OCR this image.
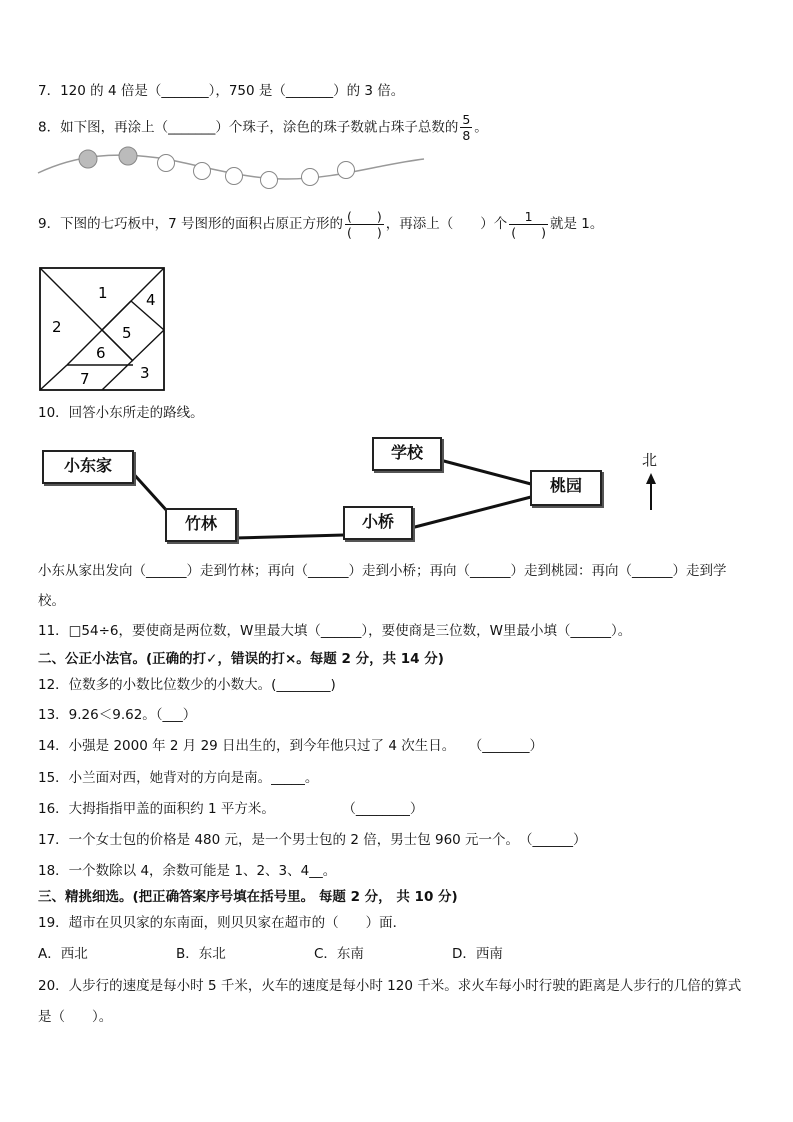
7．120 的 4 倍是（_______），750 是（_______）的 3 倍。
8．如下图，再涂上（_______）个珠子，涂色的珠子数就占珠子总数的 $\frac{5}{8}$ 。
9．下图的七巧板中，7 号图形的面积占原正方形的 $\frac{( )}{( )}$ ，再添上（　　）个 $\frac{1}{( )}$ 就是 1。
1
2
3
4
5
6
7
10．回答小东所走的路线。
小东家
竹林	小桥
学校
桃园
北
小东从家出发向（______）走到竹林；再向（______）走到小桥；再向（______）走到桃园：再向（______）走到学
校。
11．□54÷6，要使商是两位数，W里最大填（______），要使商是三位数，W里最小填（______）。
二、公正小法官。(正确的打✓，错误的打×。每题 2 分，共 14 分)
12．位数多的小数比位数少的小数大。(________)
13．9.26＜9.62。（___）
14．小强是 2000 年 2 月 29 日出生的，到今年他只过了 4 次生日。　　（_______）
15．小兰面对西，她背对的方向是南。_____。
16．大拇指指甲盖的面积约 1 平方米。　　　　　　（________）
17．一个女士包的价格是 480 元，是一个男士包的 2 倍，男士包 960 元一个。　（______）
18．一个数除以 4，余数可能是 1、2、3、4__。
三、精挑细选。(把正确答案序号填在括号里。 每题 2 分， 共 10 分)
19．超市在贝贝家的东南面，则贝贝家在超市的（　　）面．
A．西北	B．东北	C．东南	D．西南
20．人步行的速度是每小时 5 千米，火车的速度是每小时 120 千米。求火车每小时行驶的距离是人步行的几倍的算式
是（　　）。
